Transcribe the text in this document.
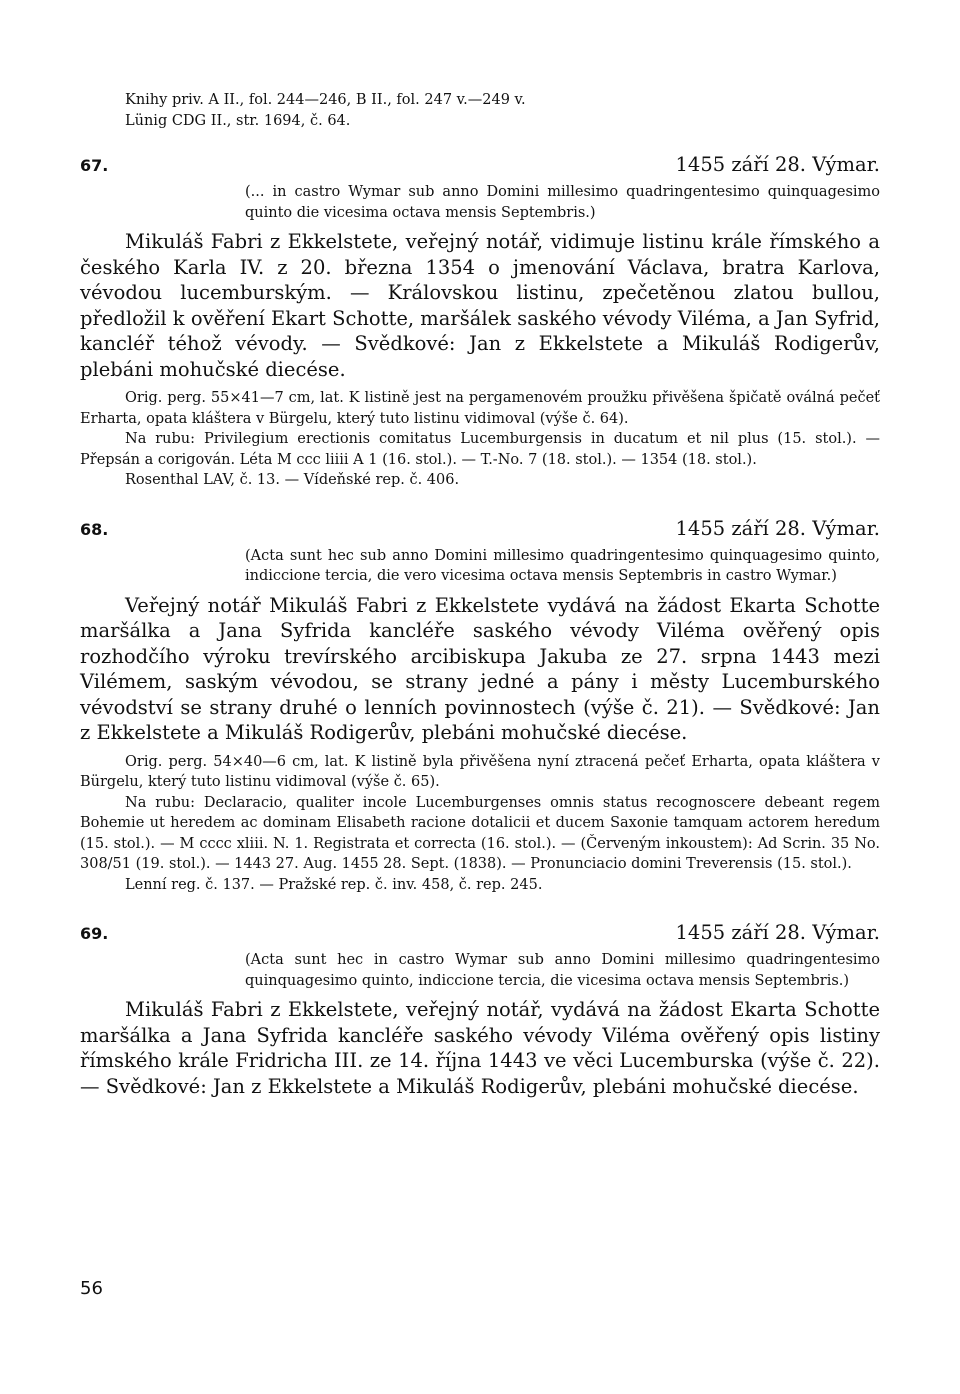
Knihy priv. A II., fol. 244—246, B II., fol. 247 v.—249 v.
Lünig CDG II., str. 1694, č. 64.
67.	1455 září 28. Výmar.
(... in castro Wymar sub anno Domini millesimo quadringentesimo quinquagesimo quinto die vicesima octava mensis Septembris.)
Mikuláš Fabri z Ekkelstete, veřejný notář, vidimuje listinu krále římského a českého Karla IV. z 20. března 1354 o jmenování Václava, bratra Karlova, vévodou lucemburským. — Královskou listinu, zpečetěnou zlatou bullou, předložil k ověření Ekart Schotte, maršálek saského vévody Viléma, a Jan Syfrid, kancléř téhož vévody. — Svědkové: Jan z Ekkelstete a Mikuláš Rodigerův, plebáni mohučské diecése.
Orig. perg. 55×41—7 cm, lat. K listině jest na pergamenovém proužku přivěšena špičatě oválná pečeť Erharta, opata kláštera v Bürgelu, který tuto listinu vidimoval (výše č. 64).
Na rubu: Privilegium erectionis comitatus Lucemburgensis in ducatum et nil plus (15. stol.). — Přepsán a corigován. Léta M ccc liiii A 1 (16. stol.). — T.-No. 7 (18. stol.). — 1354 (18. stol.).
Rosenthal LAV, č. 13. — Vídeňské rep. č. 406.
68.	1455 září 28. Výmar.
(Acta sunt hec sub anno Domini millesimo quadringentesimo quinquagesimo quinto, indiccione tercia, die vero vicesima octava mensis Septembris in castro Wymar.)
Veřejný notář Mikuláš Fabri z Ekkelstete vydává na žádost Ekarta Schotte maršálka a Jana Syfrida kancléře saského vévody Viléma ověřený opis rozhodčího výroku trevírského arcibiskupa Jakuba ze 27. srpna 1443 mezi Vilémem, saským vévodou, se strany jedné a pány i městy Lucemburského vévodství se strany druhé o lenních povinnostech (výše č. 21). — Svědkové: Jan z Ekkelstete a Mikuláš Rodigerův, plebáni mohučské diecése.
Orig. perg. 54×40—6 cm, lat. K listině byla přivěšena nyní ztracená pečeť Erharta, opata kláštera v Bürgelu, který tuto listinu vidimoval (výše č. 65).
Na rubu: Declaracio, qualiter incole Lucemburgenses omnis status recognoscere debeant regem Bohemie ut heredem ac dominam Elisabeth racione dotalicii et ducem Saxonie tamquam actorem heredum (15. stol.). — M cccc xliii. N. 1. Registrata et correcta (16. stol.). — (Červeným inkoustem): Ad Scrin. 35 No. 308/51 (19. stol.). — 1443 27. Aug. 1455 28. Sept. (1838). — Pronunciacio domini Treverensis (15. stol.).
Lenní reg. č. 137. — Pražské rep. č. inv. 458, č. rep. 245.
69.	1455 září 28. Výmar.
(Acta sunt hec in castro Wymar sub anno Domini millesimo quadringentesimo quinquagesimo quinto, indiccione tercia, die vicesima octava mensis Septembris.)
Mikuláš Fabri z Ekkelstete, veřejný notář, vydává na žádost Ekarta Schotte maršálka a Jana Syfrida kancléře saského vévody Viléma ověřený opis listiny římského krále Fridricha III. ze 14. října 1443 ve věci Lucemburska (výše č. 22). — Svědkové: Jan z Ekkelstete a Mikuláš Rodigerův, plebáni mohučské diecése.
56
